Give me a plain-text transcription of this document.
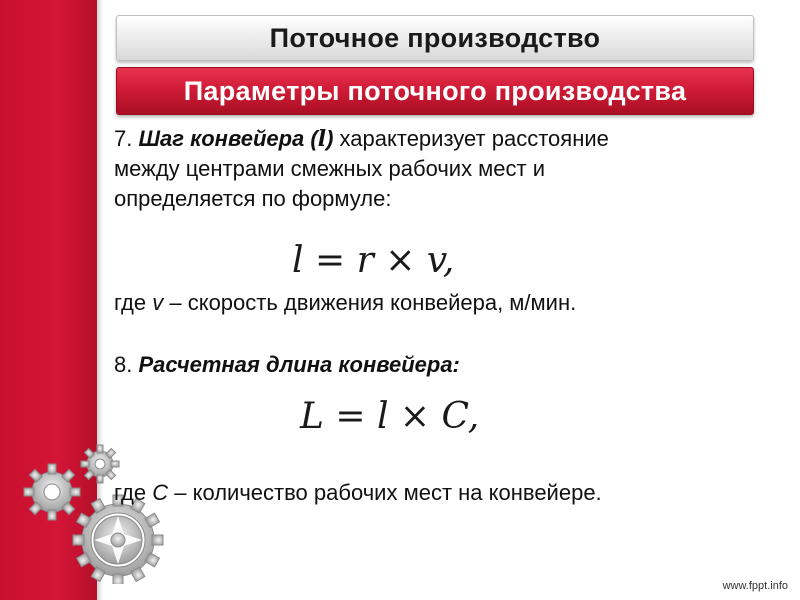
Поточное производство
Параметры поточного производства
7. Шаг конвейера (l) характеризует расстояние
между центрами смежных рабочих мест и
определяется по формуле:
l = r × v,
где v – скорость движения конвейера, м/мин.
8. Расчетная длина конвейера:
L = l × C,
где C – количество рабочих мест на конвейере.
www.fppt.info
